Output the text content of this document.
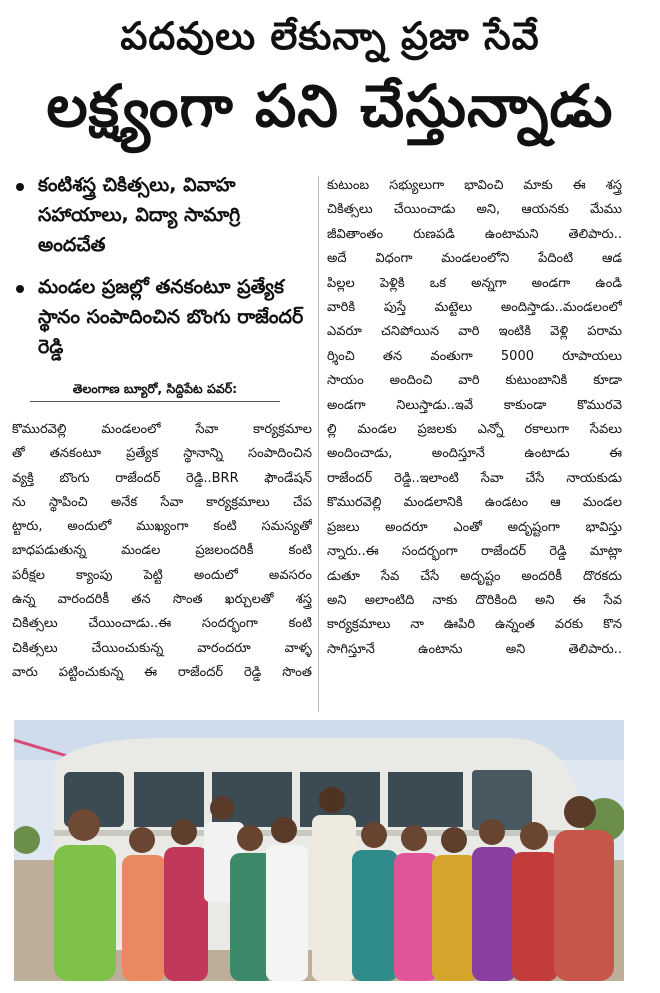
పదవులు లేకున్నా ప్రజా సేవే
లక్ష్యంగా పని చేస్తున్నాడు
కంటిశస్త్ర చికిత్సలు, వివాహ సహాయాలు, విద్యా సామాగ్రి అందచేత
మండల ప్రజల్లో తనకంటూ ప్రత్యేక స్థానం సంపాదించిన బొంగు రాజేందర్ రెడ్డి
తెలంగాణ బ్యూరో, సిద్దిపేట పవర్:
కొమురవెల్లి మండలంలో సేవా కార్యక్రమాల
తో తనకంటూ ప్రత్యేక స్థానాన్ని సంపాదించిన
వ్యక్తి బొంగు రాజేందర్ రెడ్డి..BRR ఫౌండేషన్
ను స్థాపించి అనేక సేవా కార్యక్రమాలు చేప
ట్టారు, అందులో ముఖ్యంగా కంటి సమస్యతో
బాధపడుతున్న మండల ప్రజలందరికీ కంటి
పరీక్షల క్యాంపు పెట్టి అందులో అవసరం
ఉన్న వారందరికీ తన సొంత ఖర్చులతో శస్త్ర
చికిత్సలు చేయించాడు..ఈ సందర్భంగా కంటి
చికిత్సలు చేయించుకున్న వారందరూ వాళ్ళ
వారు పట్టించుకున్న ఈ రాజేందర్ రెడ్డి సొంత
కుటుంబ సభ్యులుగా భావించి మాకు ఈ శస్త్ర
చికిత్సలు చేయించాడు అని, ఆయనకు మేము
జీవితాంతం రుణపడి ఉంటామని తెలిపారు..
అదే విధంగా మండలంలోని పేదింటి ఆడ
పిల్లల పెళ్లికి ఒక అన్నగా అండగా ఉండి
వారికి పుస్తే మట్టెలు అందిస్తాడు..మండలంలో
ఎవరూ చనిపోయిన వారి ఇంటికి వెళ్లి పరామ
ర్శించి తన వంతుగా 5000 రూపాయలు
సాయం అందించి వారి కుటుంబానికి కూడా
అండగా నిలుస్తాడు..ఇవే కాకుండా కొమురవె
ల్లి మండల ప్రజలకు ఎన్నో రకాలుగా సేవలు
అందించాడు, అందిస్తూనే ఉంటాడు ఈ
రాజేందర్ రెడ్డి..ఇలాంటి సేవా చేసే నాయకుడు
కొమురవెల్లి మండలానికి ఉండటం ఆ మండల
ప్రజలు అందరూ ఎంతో అదృష్టంగా భావిస్తు
న్నారు..ఈ సందర్భంగా రాజేందర్ రెడ్డి మాట్లా
డుతూ సేవ చేసే అదృష్టం అందరికీ దొరకదు
అని అలాంటిది నాకు దొరికింది అని ఈ సేవ
కార్యక్రమాలు నా ఊపిరి ఉన్నంత వరకు కొన
సాగిస్తూనే ఉంటాను అని తెలిపారు..
